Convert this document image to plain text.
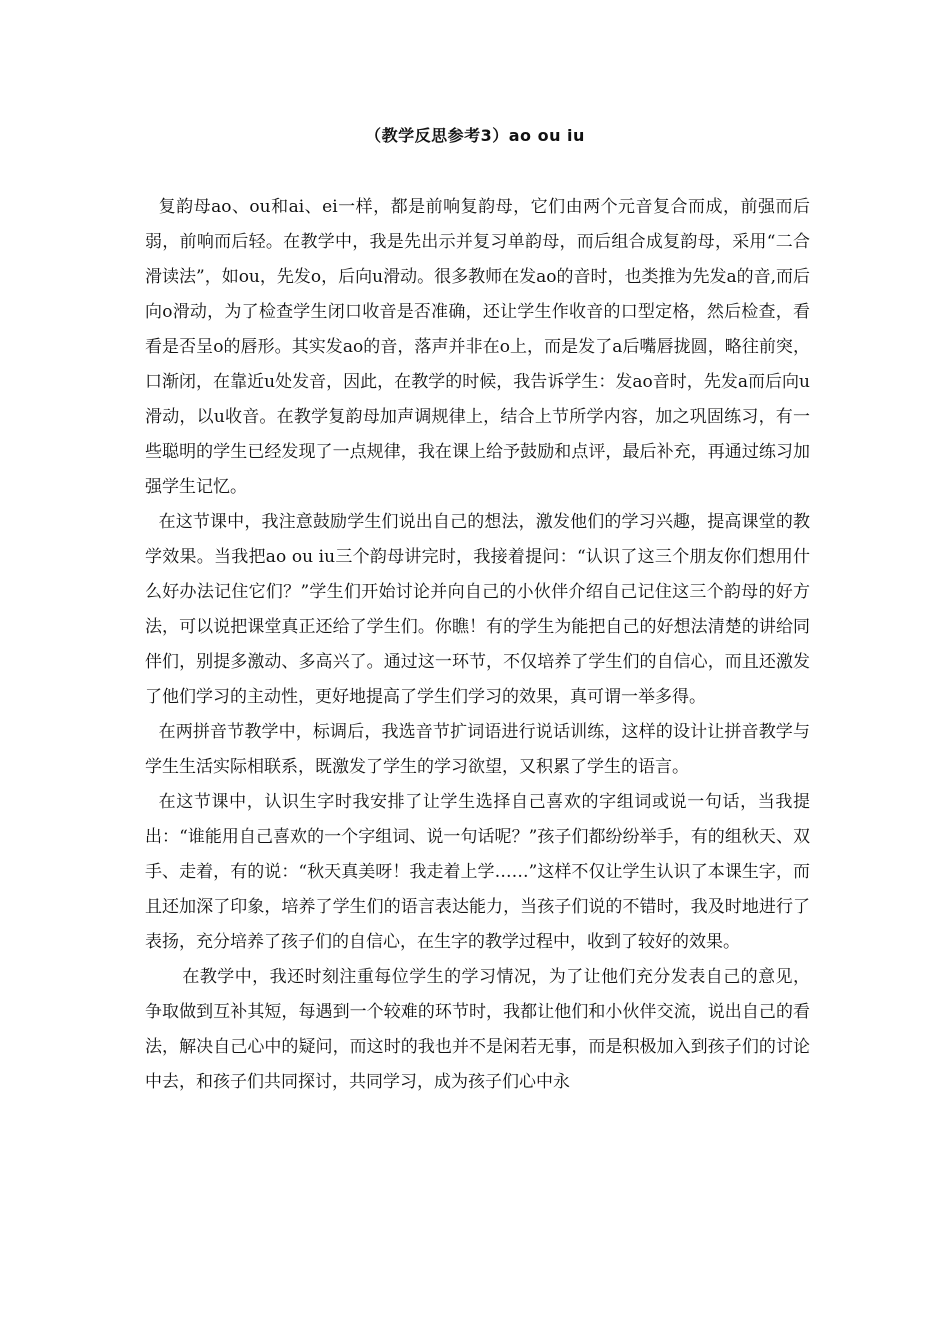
（教学反思参考3）ao ou iu

复韵母ao、ou和ai、ei一样，都是前响复韵母，它们由两个元音复合而成，前强而后弱，前响而后轻。在教学中，我是先出示并复习单韵母，而后组合成复韵母，采用“二合滑读法”，如ou，先发o，后向u滑动。很多教师在发ao的音时，也类推为先发a的音,而后向o滑动，为了检查学生闭口收音是否准确，还让学生作收音的口型定格，然后检查，看看是否呈o的唇形。其实发ao的音，落声并非在o上，而是发了a后嘴唇拢圆，略往前突，口渐闭，在靠近u处发音，因此，在教学的时候，我告诉学生：发ao音时，先发a而后向u滑动，以u收音。在教学复韵母加声调规律上，结合上节所学内容，加之巩固练习，有一些聪明的学生已经发现了一点规律，我在课上给予鼓励和点评，最后补充，再通过练习加强学生记忆。

在这节课中，我注意鼓励学生们说出自己的想法，激发他们的学习兴趣，提高课堂的教学效果。当我把ao ou iu三个韵母讲完时，我接着提问：“认识了这三个朋友你们想用什么好办法记住它们？”学生们开始讨论并向自己的小伙伴介绍自己记住这三个韵母的好方法，可以说把课堂真正还给了学生们。你瞧！有的学生为能把自己的好想法清楚的讲给同伴们，别提多激动、多高兴了。通过这一环节，不仅培养了学生们的自信心，而且还激发了他们学习的主动性，更好地提高了学生们学习的效果，真可谓一举多得。

在两拼音节教学中，标调后，我选音节扩词语进行说话训练，这样的设计让拼音教学与学生生活实际相联系，既激发了学生的学习欲望，又积累了学生的语言。

在这节课中，认识生字时我安排了让学生选择自己喜欢的字组词或说一句话，当我提出：“谁能用自己喜欢的一个字组词、说一句话呢？”孩子们都纷纷举手，有的组秋天、双手、走着，有的说：“秋天真美呀！我走着上学……”这样不仅让学生认识了本课生字，而且还加深了印象，培养了学生们的语言表达能力，当孩子们说的不错时，我及时地进行了表扬，充分培养了孩子们的自信心，在生字的教学过程中，收到了较好的效果。

在教学中，我还时刻注重每位学生的学习情况，为了让他们充分发表自己的意见，争取做到互补其短，每遇到一个较难的环节时，我都让他们和小伙伴交流，说出自己的看法，解决自己心中的疑问，而这时的我也并不是闲若无事，而是积极加入到孩子们的讨论中去，和孩子们共同探讨，共同学习，成为孩子们心中永
